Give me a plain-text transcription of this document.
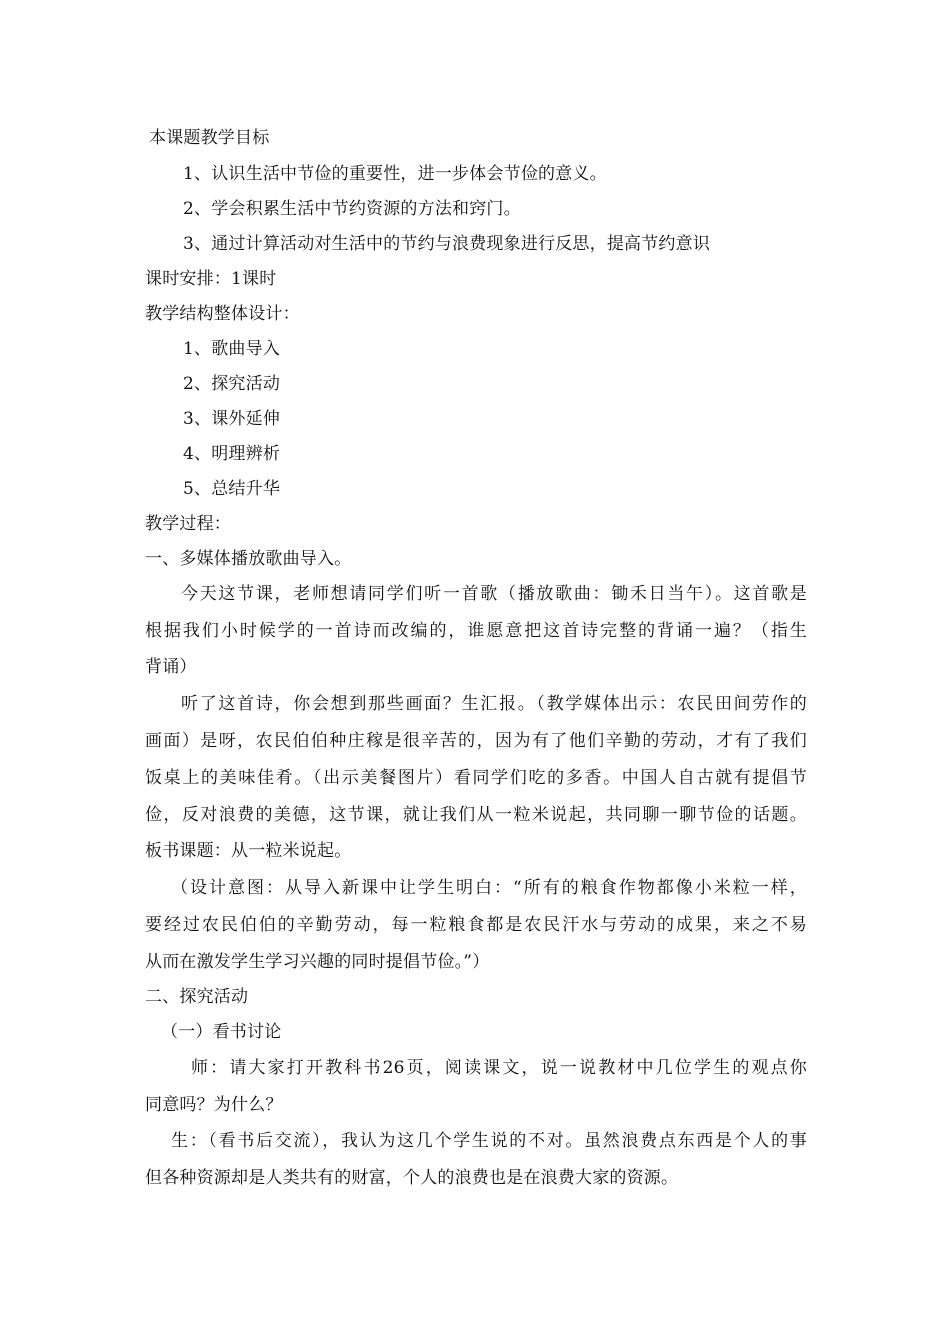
本课题教学目标
1、认识生活中节俭的重要性，进一步体会节俭的意义。
2、学会积累生活中节约资源的方法和窍门。
3、通过计算活动对生活中的节约与浪费现象进行反思，提高节约意识
课时安排：1课时
教学结构整体设计：
1、歌曲导入
2、探究活动
3、课外延伸
4、明理辨析
5、总结升华
教学过程：
一、多媒体播放歌曲导入。
今天这节课，老师想请同学们听一首歌（播放歌曲：锄禾日当午）。这首歌是
根据我们小时候学的一首诗而改编的，谁愿意把这首诗完整的背诵一遍？（指生
背诵）
听了这首诗，你会想到那些画面？生汇报。（教学媒体出示：农民田间劳作的
画面）是呀，农民伯伯种庄稼是很辛苦的，因为有了他们辛勤的劳动，才有了我们
饭桌上的美味佳肴。（出示美餐图片）看同学们吃的多香。中国人自古就有提倡节
俭，反对浪费的美德，这节课，就让我们从一粒米说起，共同聊一聊节俭的话题。
板书课题：从一粒米说起。
（设计意图：从导入新课中让学生明白：“所有的粮食作物都像小米粒一样，
要经过农民伯伯的辛勤劳动，每一粒粮食都是农民汗水与劳动的成果，来之不易
从而在激发学生学习兴趣的同时提倡节俭。”）
二、探究活动
（一）看书讨论
师：请大家打开教科书26页，阅读课文，说一说教材中几位学生的观点你
同意吗？为什么？
生：（看书后交流），我认为这几个学生说的不对。虽然浪费点东西是个人的事
但各种资源却是人类共有的财富，个人的浪费也是在浪费大家的资源。
